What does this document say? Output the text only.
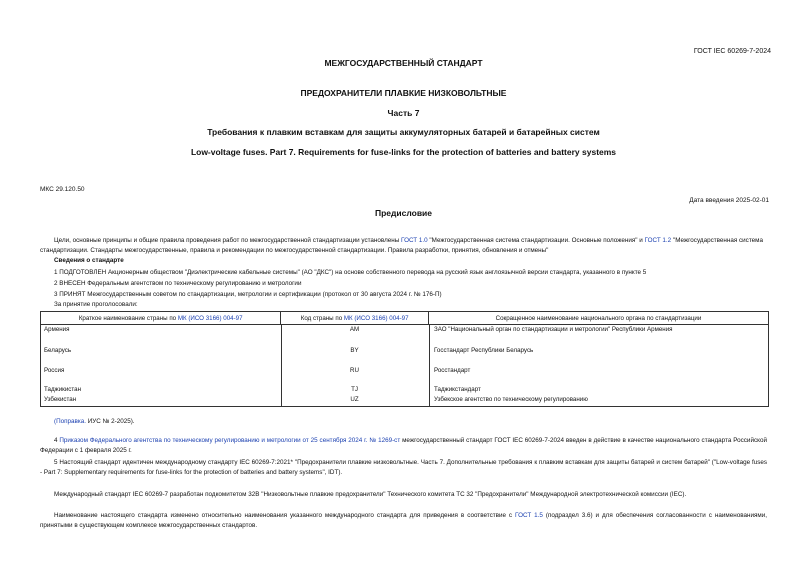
ГОСТ IEC 60269-7-2024
МЕЖГОСУДАРСТВЕННЫЙ СТАНДАРТ
ПРЕДОХРАНИТЕЛИ ПЛАВКИЕ НИЗКОВОЛЬТНЫЕ
Часть 7
Требования к плавким вставкам для защиты аккумуляторных батарей и батарейных систем
Low-voltage fuses. Part 7. Requirements for fuse-links for the protection of batteries and battery systems
МКС 29.120.50
Дата введения 2025-02-01
Предисловие
Цели, основные принципы и общие правила проведения работ по межгосударственной стандартизации установлены ГОСТ 1.0 "Межгосударственная система стандартизации. Основные положения" и ГОСТ 1.2 "Межгосударственная система стандартизации. Стандарты межгосударственные, правила и рекомендации по межгосударственной стандартизации. Правила разработки, принятия, обновления и отмены"
Сведения о стандарте
1 ПОДГОТОВЛЕН Акционерным обществом "Диэлектрические кабельные системы" (АО "ДКС") на основе собственного перевода на русский язык англоязычной версии стандарта, указанного в пункте 5
2 ВНЕСЕН Федеральным агентством по техническому регулированию и метрологии
3 ПРИНЯТ Межгосударственным советом по стандартизации, метрологии и сертификации (протокол от 30 августа 2024 г. № 176-П)
За принятие проголосовали:
Краткое наименование страны по
МК (ИСО 3166) 004-97	Код страны по
МК (ИСО 3166) 004-97	Сокращенное наименование национального органа по стандартизации
Армения	AM	ЗАО "Национальный орган по стандартизации и метрологии" Республики Армения
Беларусь	BY	Госстандарт Республики Беларусь
Россия	RU	Росстандарт
Таджикистан	TJ	Таджикстандарт
Узбекистан	UZ	Узбекское агентство по техническому регулированию
(Поправка. ИУС № 2-2025).
4 Приказом Федерального агентства по техническому регулированию и метрологии от 25 сентября 2024 г. № 1269-ст межгосударственный стандарт ГОСТ IEC 60269-7-2024 введен в действие в качестве национального стандарта Российской Федерации с 1 февраля 2025 г.
5 Настоящий стандарт идентичен международному стандарту IEC 60269-7:2021* "Предохранители плавкие низковольтные. Часть 7. Дополнительные требования к плавким вставкам для защиты батарей и систем батарей" ("Low-voltage fuses - Part 7: Supplementary requirements for fuse-links for the protection of batteries and battery systems", IDT).
Международный стандарт IEC 60269-7 разработан подкомитетом 32В "Низковольтные плавкие предохранители" Технического комитета ТС 32 "Предохранители" Международной электротехнической комиссии (IEC).
Наименование настоящего стандарта изменено относительно наименования указанного международного стандарта для приведения в соответствие с ГОСТ 1.5 (подраздел 3.6) и для обеспечения согласованности с наименованиями, принятыми в существующем комплексе межгосударственных стандартов.
